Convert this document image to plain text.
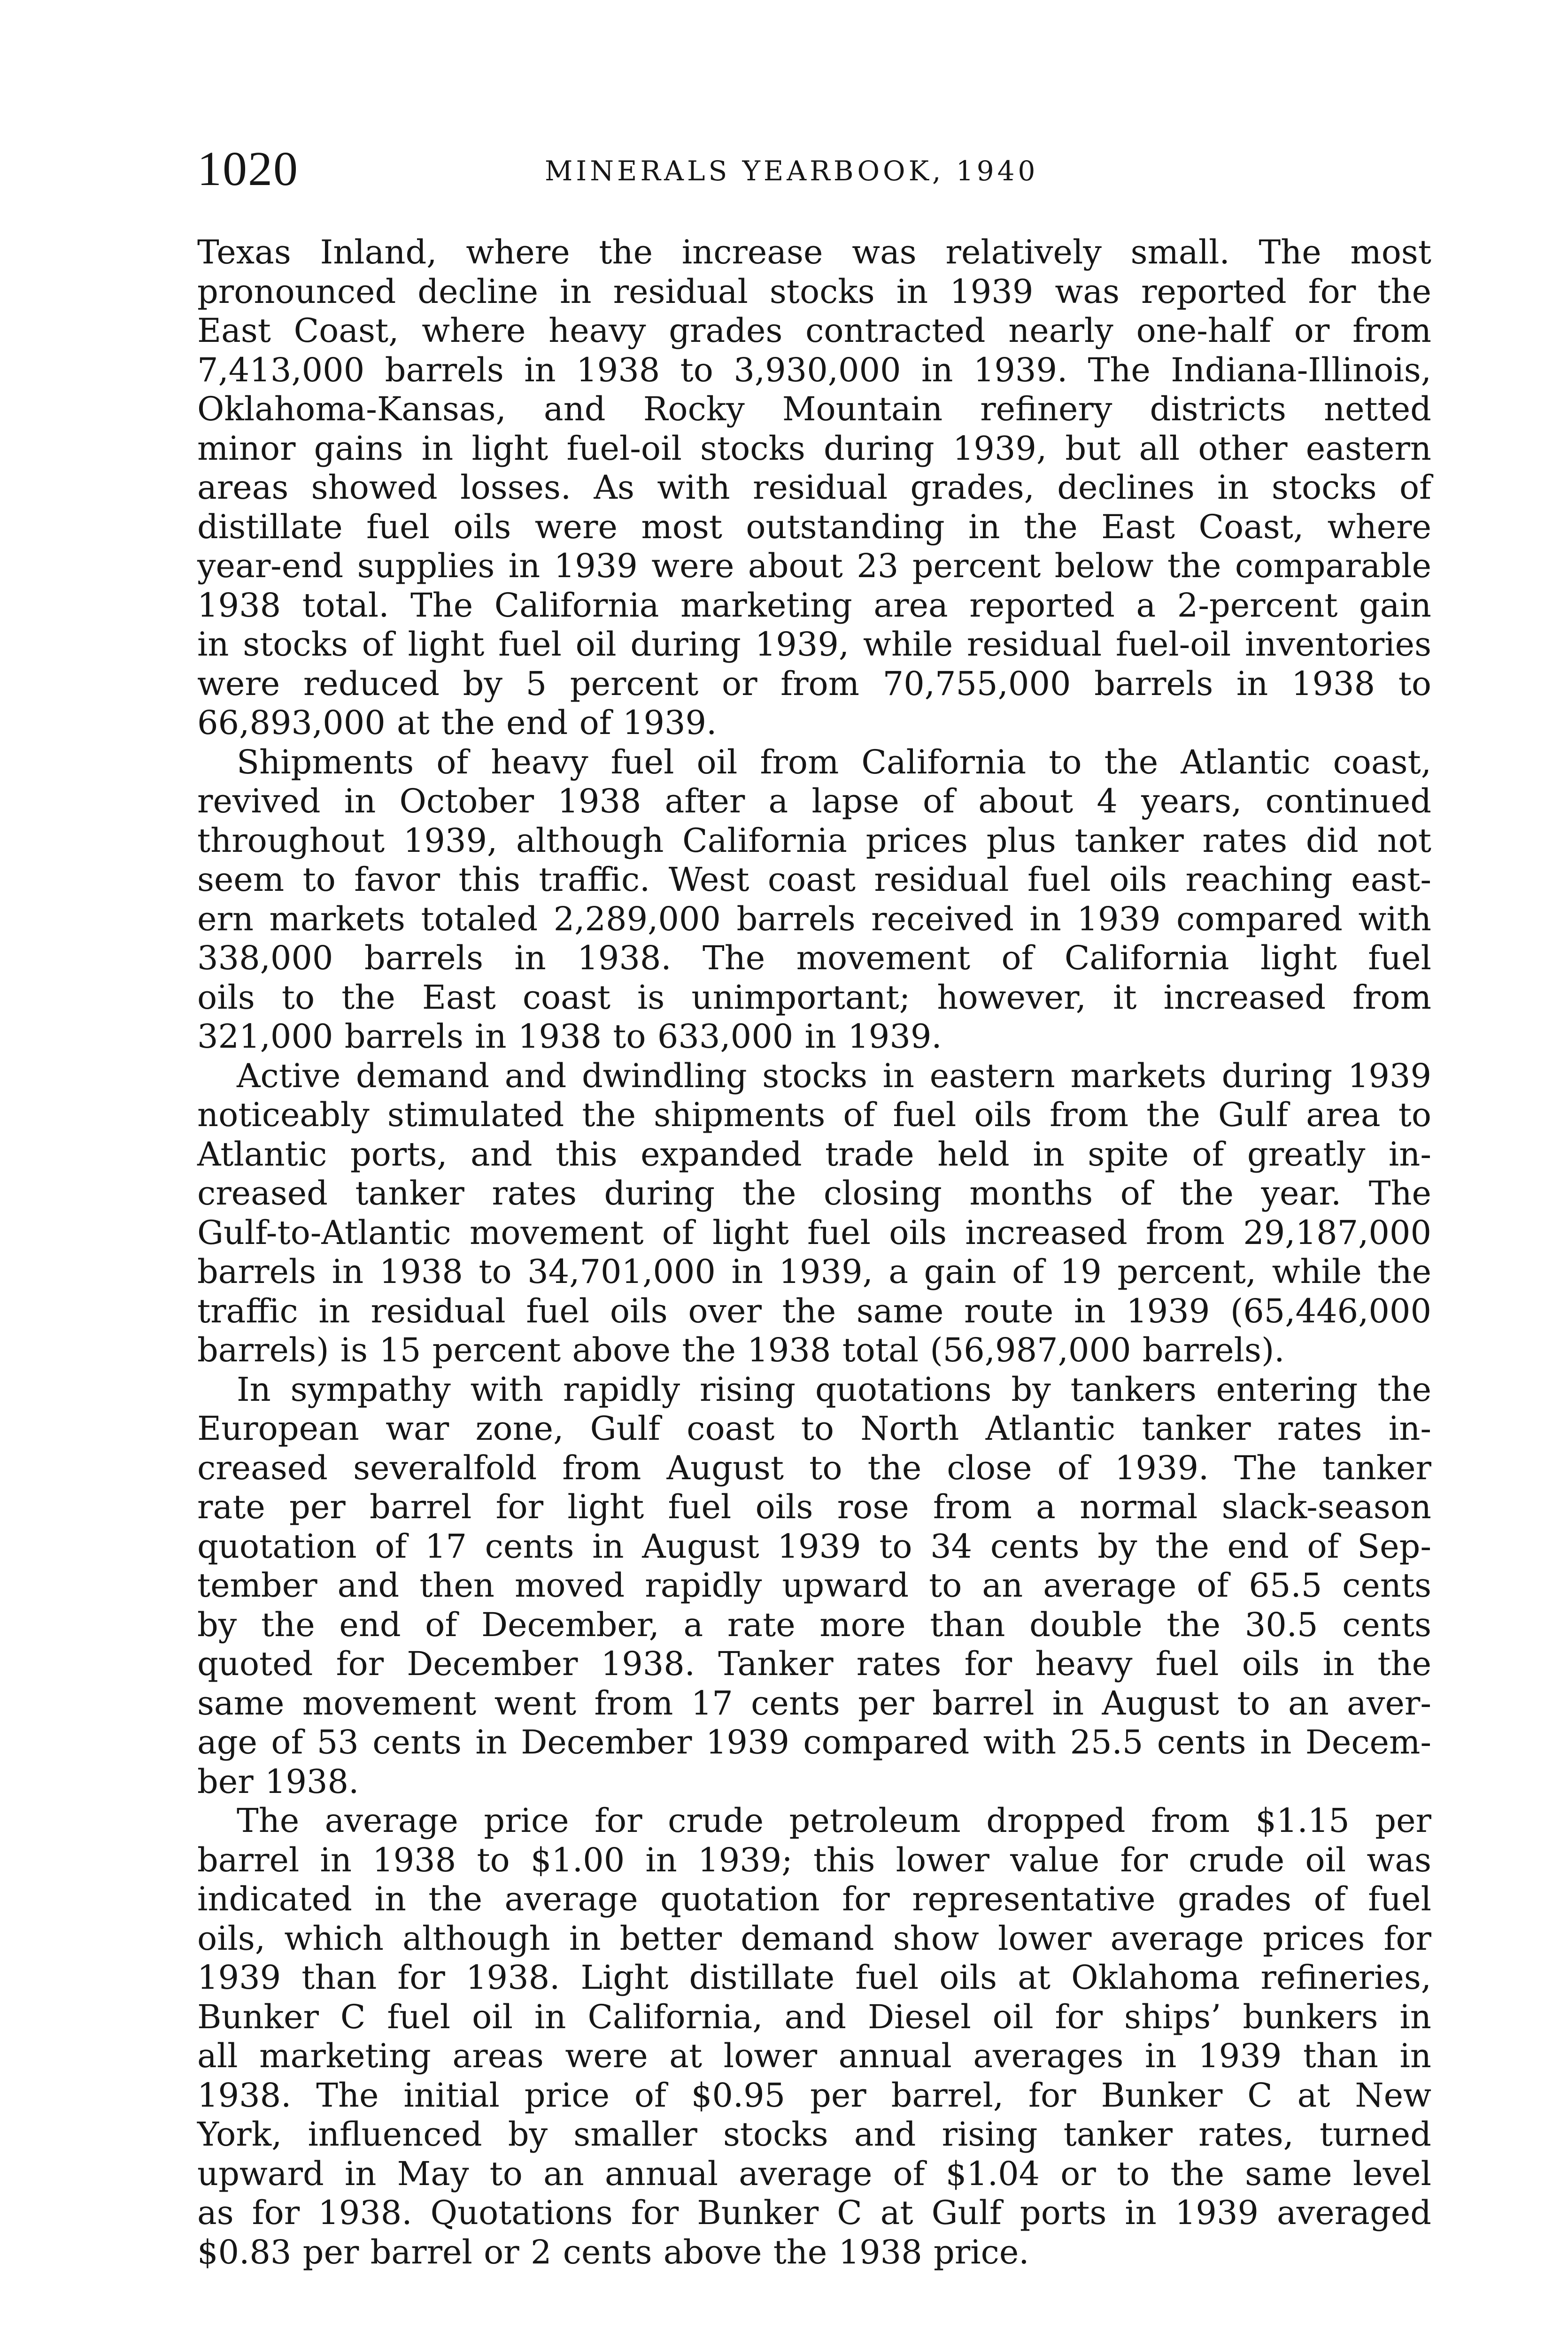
1020	MINERALS YEARBOOK, 1940

Texas Inland, where the increase was relatively small. The most
pronounced decline in residual stocks in 1939 was reported for the
East Coast, where heavy grades contracted nearly one-half or from
7,413,000 barrels in 1938 to 3,930,000 in 1939. The Indiana-Illinois,
Oklahoma-Kansas, and Rocky Mountain refinery districts netted
minor gains in light fuel-oil stocks during 1939, but all other eastern
areas showed losses. As with residual grades, declines in stocks of
distillate fuel oils were most outstanding in the East Coast, where
year-end supplies in 1939 were about 23 percent below the comparable
1938 total. The California marketing area reported a 2-percent gain
in stocks of light fuel oil during 1939, while residual fuel-oil inventories
were reduced by 5 percent or from 70,755,000 barrels in 1938 to
66,893,000 at the end of 1939.

Shipments of heavy fuel oil from California to the Atlantic coast,
revived in October 1938 after a lapse of about 4 years, continued
throughout 1939, although California prices plus tanker rates did not
seem to favor this traffic. West coast residual fuel oils reaching east-
ern markets totaled 2,289,000 barrels received in 1939 compared with
338,000 barrels in 1938. The movement of California light fuel
oils to the East coast is unimportant; however, it increased from
321,000 barrels in 1938 to 633,000 in 1939.

Active demand and dwindling stocks in eastern markets during 1939
noticeably stimulated the shipments of fuel oils from the Gulf area to
Atlantic ports, and this expanded trade held in spite of greatly in-
creased tanker rates during the closing months of the year. The
Gulf-to-Atlantic movement of light fuel oils increased from 29,187,000
barrels in 1938 to 34,701,000 in 1939, a gain of 19 percent, while the
traffic in residual fuel oils over the same route in 1939 (65,446,000
barrels) is 15 percent above the 1938 total (56,987,000 barrels).

In sympathy with rapidly rising quotations by tankers entering the
European war zone, Gulf coast to North Atlantic tanker rates in-
creased severalfold from August to the close of 1939. The tanker
rate per barrel for light fuel oils rose from a normal slack-season
quotation of 17 cents in August 1939 to 34 cents by the end of Sep-
tember and then moved rapidly upward to an average of 65.5 cents
by the end of December, a rate more than double the 30.5 cents
quoted for December 1938. Tanker rates for heavy fuel oils in the
same movement went from 17 cents per barrel in August to an aver-
age of 53 cents in December 1939 compared with 25.5 cents in Decem-
ber 1938.

The average price for crude petroleum dropped from $1.15 per
barrel in 1938 to $1.00 in 1939; this lower value for crude oil was
indicated in the average quotation for representative grades of fuel
oils, which although in better demand show lower average prices for
1939 than for 1938. Light distillate fuel oils at Oklahoma refineries,
Bunker C fuel oil in California, and Diesel oil for ships’ bunkers in
all marketing areas were at lower annual averages in 1939 than in
1938. The initial price of $0.95 per barrel, for Bunker C at New
York, influenced by smaller stocks and rising tanker rates, turned
upward in May to an annual average of $1.04 or to the same level
as for 1938. Quotations for Bunker C at Gulf ports in 1939 averaged
$0.83 per barrel or 2 cents above the 1938 price.
